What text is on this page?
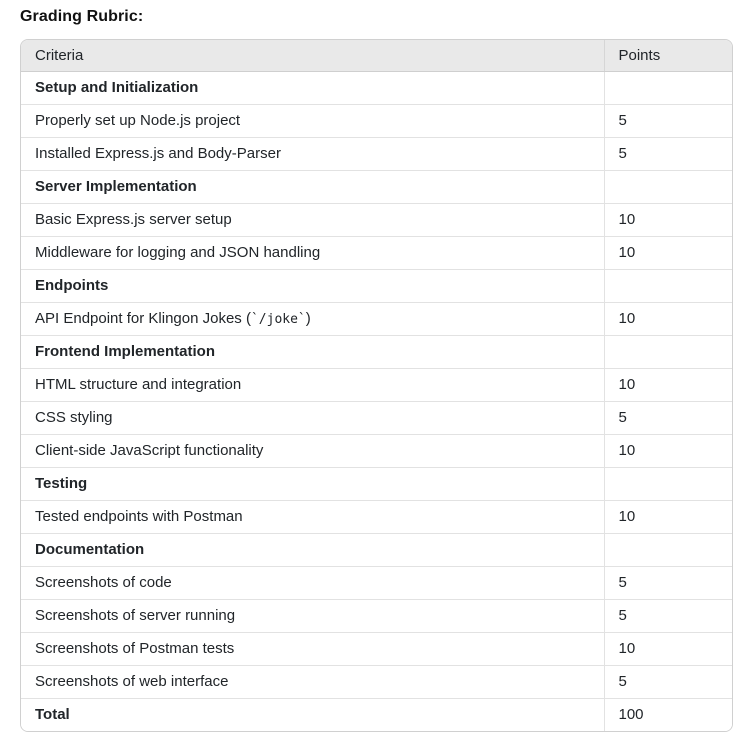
Grading Rubric:
Criteria	Points
Setup and Initialization	
Properly set up Node.js project	5
Installed Express.js and Body-Parser	5
Server Implementation	
Basic Express.js server setup	10
Middleware for logging and JSON handling	10
Endpoints	
API Endpoint for Klingon Jokes (`/joke`)	10
Frontend Implementation	
HTML structure and integration	10
CSS styling	5
Client-side JavaScript functionality	10
Testing	
Tested endpoints with Postman	10
Documentation	
Screenshots of code	5
Screenshots of server running	5
Screenshots of Postman tests	10
Screenshots of web interface	5
Total	100
